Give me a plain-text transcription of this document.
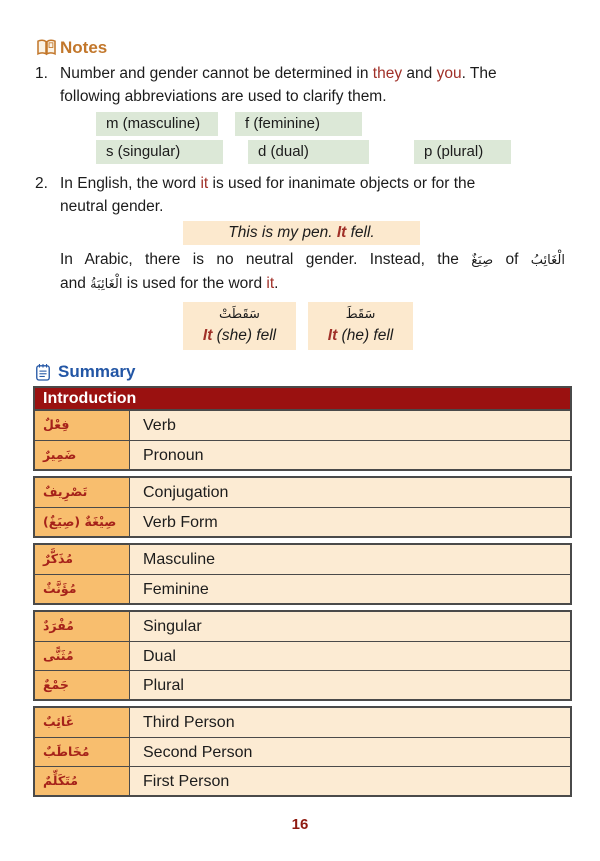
Notes
1. Number and gender cannot be determined in they and you. The
following abbreviations are used to clarify them.
m (masculine)	f (feminine)
s (singular)	d (dual)	p (plural)
2. In English, the word it is used for inanimate objects or for the
neutral gender.
This is my pen. It fell.
In Arabic, there is no neutral gender. Instead, the صِيَغٌ of الْغَائِبُ
and الْغَائِبَةُ is used for the word it.
سَقَطَتْ
It (she) fell
سَقَطَ
It (he) fell
Summary
Introduction
فِعْلٌ	Verb
ضَمِيرٌ	Pronoun
تَصْرِيفٌ	Conjugation
صِيْغَةٌ (صِيَغٌ)	Verb Form
مُذَكَّرٌ	Masculine
مُؤَنَّثٌ	Feminine
مُفْرَدٌ	Singular
مُثَنًّى	Dual
جَمْعٌ	Plural
غَائِبٌ	Third Person
مُخَاطَبٌ	Second Person
مُتَكَلِّمٌ	First Person
16
